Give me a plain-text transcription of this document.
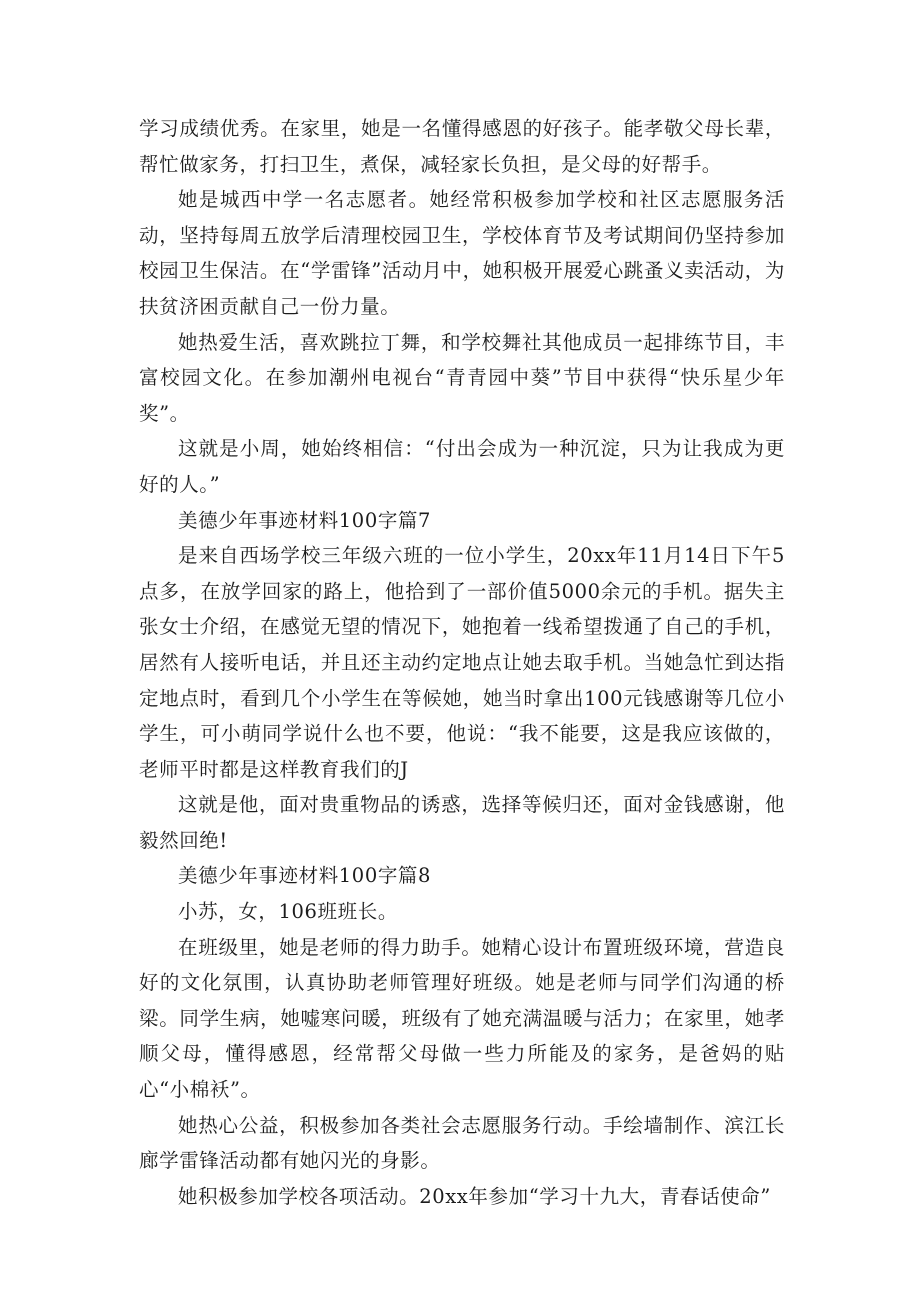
学习成绩优秀。在家里，她是一名懂得感恩的好孩子。能孝敬父母长辈，帮忙做家务，打扫卫生，煮保，减轻家长负担，是父母的好帮手。

她是城西中学一名志愿者。她经常积极参加学校和社区志愿服务活动，坚持每周五放学后清理校园卫生，学校体育节及考试期间仍坚持参加校园卫生保洁。在“学雷锋”活动月中，她积极开展爱心跳蚤义卖活动，为扶贫济困贡献自己一份力量。

她热爱生活，喜欢跳拉丁舞，和学校舞社其他成员一起排练节目，丰富校园文化。在参加潮州电视台“青青园中葵”节目中获得“快乐星少年奖”。

这就是小周，她始终相信：“付出会成为一种沉淀，只为让我成为更好的人。”

美德少年事迹材料100字篇7

是来自西场学校三年级六班的一位小学生，20xx年11月14日下午5点多，在放学回家的路上，他拾到了一部价值5000余元的手机。据失主张女士介绍，在感觉无望的情况下，她抱着一线希望拨通了自己的手机，居然有人接听电话，并且还主动约定地点让她去取手机。当她急忙到达指定地点时，看到几个小学生在等候她，她当时拿出100元钱感谢等几位小学生，可小萌同学说什么也不要，他说：“我不能要，这是我应该做的，老师平时都是这样教育我们的J

这就是他，面对贵重物品的诱惑，选择等候归还，面对金钱感谢，他毅然回绝!

美德少年事迹材料100字篇8

小苏，女，106班班长。

在班级里，她是老师的得力助手。她精心设计布置班级环境，营造良好的文化氛围，认真协助老师管理好班级。她是老师与同学们沟通的桥梁。同学生病，她嘘寒问暖，班级有了她充满温暖与活力；在家里，她孝顺父母，懂得感恩，经常帮父母做一些力所能及的家务，是爸妈的贴心“小棉袄”。

她热心公益，积极参加各类社会志愿服务行动。手绘墙制作、滨江长廊学雷锋活动都有她闪光的身影。

她积极参加学校各项活动。20xx年参加“学习十九大，青春话使命”
